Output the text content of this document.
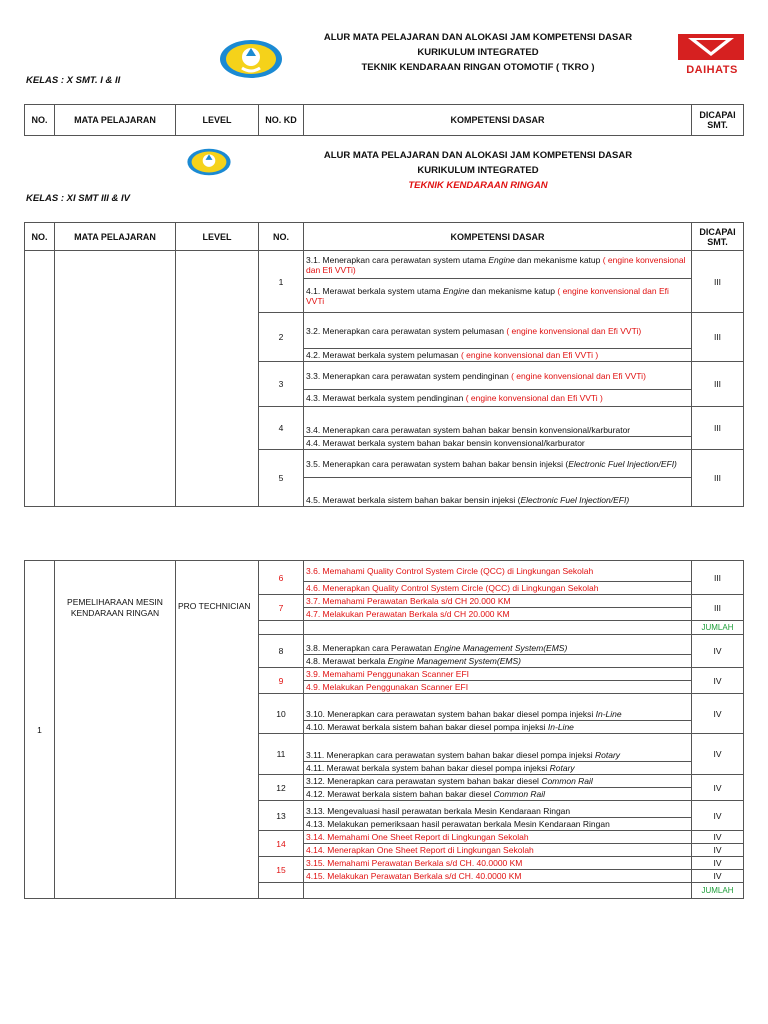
ALUR MATA PELAJARAN DAN ALOKASI JAM KOMPETENSI DASAR
KURIKULUM INTEGRATED
TEKNIK KENDARAAN RINGAN OTOMOTIF ( TKRO )	DAIHATS
KELAS : X SMT. I & II
NO.	MATA PELAJARAN	LEVEL	NO. KD	KOMPETENSI DASAR	DICAPAI SMT.
ALUR MATA PELAJARAN DAN ALOKASI JAM KOMPETENSI DASAR
KURIKULUM INTEGRATED
TEKNIK KENDARAAN RINGAN
KELAS : XI SMT III & IV
NO.	MATA PELAJARAN	LEVEL	NO.	KOMPETENSI DASAR	DICAPAI SMT.
			1	3.1. Menerapkan cara perawatan system utama Engine dan mekanisme katup ( engine konvensional dan Efi VVTi)	III
				4.1. Merawat berkala system utama Engine dan mekanisme katup ( engine konvensional dan Efi VVTi	
			2	3.2. Menerapkan cara perawatan system pelumasan ( engine konvensional dan Efi VVTi)	III
				4.2. Merawat berkala system pelumasan ( engine konvensional dan Efi VVTi )	
			3	3.3. Menerapkan cara perawatan system pendinginan ( engine konvensional dan Efi VVTi)	III
				4.3. Merawat berkala system pendinginan ( engine konvensional dan Efi VVTi )	
			4	3.4. Menerapkan cara perawatan system bahan bakar bensin konvensional/karburator	III
				4.4. Merawat berkala system bahan bakar bensin konvensional/karburator	
			5	3.5. Menerapkan cara perawatan system bahan bakar bensin injeksi (Electronic Fuel Injection/EFI)	III
				4.5. Merawat berkala sistem bahan bakar bensin injeksi (Electronic Fuel Injection/EFI)	
1	PEMELIHARAAN MESIN KENDARAAN RINGAN	PRO TECHNICIAN	6	3.6. Memahami Quality Control System Circle (QCC) di Lingkungan Sekolah	III
				4.6. Menerapkan Quality Control System Circle (QCC) di Lingkungan Sekolah	
			7	3.7. Memahami Perawatan Berkala s/d CH 20.000 KM	III
				4.7. Melakukan Perawatan Berkala s/d CH 20.000 KM	
					JUMLAH
			8	3.8. Menerapkan cara Perawatan Engine Management System(EMS)	IV
				4.8. Merawat berkala Engine Management System(EMS)	
			9	3.9. Memahami Penggunakan Scanner EFI	IV
				4.9. Melakukan Penggunakan Scanner EFI	
			10	3.10. Menerapkan cara perawatan system bahan bakar diesel pompa injeksi In-Line	IV
				4.10. Merawat berkala sistem bahan bakar diesel pompa injeksi In-Line	
			11	3.11. Menerapkan cara perawatan system bahan bakar diesel pompa injeksi Rotary	IV
				4.11. Merawat berkala system bahan bakar diesel pompa injeksi Rotary	
			12	3.12. Menerapkan cara perawatan system bahan bakar diesel Common Rail	IV
				4.12. Merawat berkala sistem bahan bakar diesel Common Rail	
			13	3.13. Mengevaluasi hasil perawatan berkala Mesin Kendaraan Ringan	IV
				4.13. Melakukan pemeriksaan hasil perawatan berkala Mesin Kendaraan Ringan	
			14	3.14. Memahami One Sheet Report di Lingkungan Sekolah	IV
				4.14. Menerapkan One Sheet Report di Lingkungan Sekolah	IV
			15	3.15. Memahami Perawatan Berkala s/d CH. 40.0000 KM	IV
				4.15. Melakukan Perawatan Berkala s/d CH. 40.0000 KM	IV
					JUMLAH
